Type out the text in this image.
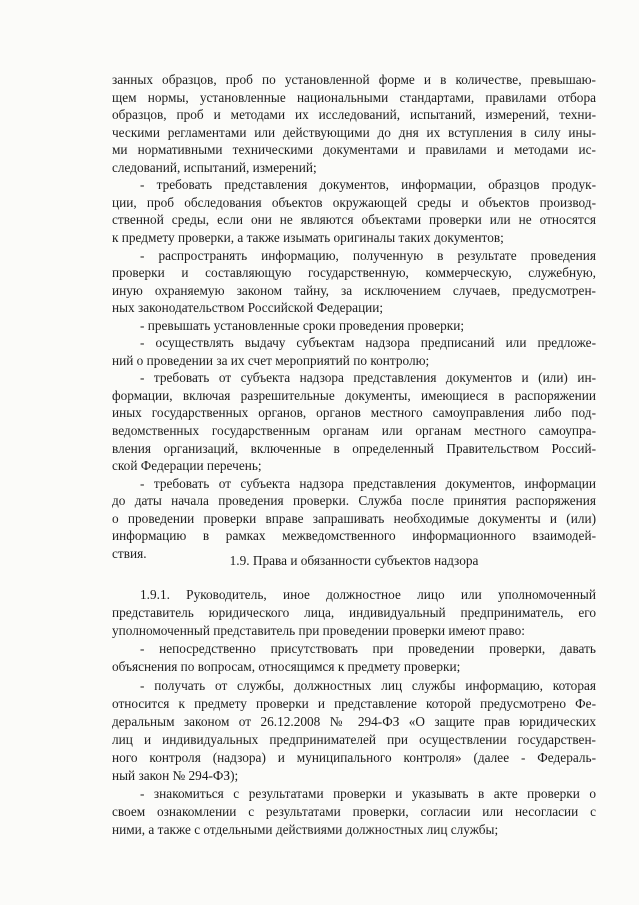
занных образцов, проб по установленной форме и в количестве, превышаю-
щем нормы, установленные национальными стандартами, правилами отбора
образцов, проб и методами их исследований, испытаний, измерений, техни-
ческими регламентами или действующими до дня их вступления в силу ины-
ми нормативными техническими документами и правилами и методами ис-
следований, испытаний, измерений;
- требовать представления документов, информации, образцов продук-
ции, проб обследования объектов окружающей среды и объектов производ-
ственной среды, если они не являются объектами проверки или не относятся
к предмету проверки, а также изымать оригиналы таких документов;
- распространять информацию, полученную в результате проведения
проверки и составляющую государственную, коммерческую, служебную,
иную охраняемую законом тайну, за исключением случаев, предусмотрен-
ных законодательством Российской Федерации;
- превышать установленные сроки проведения проверки;
- осуществлять выдачу субъектам надзора предписаний или предложе-
ний о проведении за их счет мероприятий по контролю;
- требовать от субъекта надзора представления документов и (или) ин-
формации, включая разрешительные документы, имеющиеся в распоряжении
иных государственных органов, органов местного самоуправления либо под-
ведомственных государственным органам или органам местного самоупра-
вления организаций, включенные в определенный Правительством Россий-
ской Федерации перечень;
- требовать от субъекта надзора представления документов, информации
до даты начала проведения проверки. Служба после принятия распоряжения
о проведении проверки вправе запрашивать необходимые документы и (или)
информацию в рамках межведомственного информационного взаимодей-
ствия.	1.9. Права и обязанности субъектов надзора
1.9.1. Руководитель, иное должностное лицо или уполномоченный
представитель юридического лица, индивидуальный предприниматель, его
уполномоченный представитель при проведении проверки имеют право:
- непосредственно присутствовать при проведении проверки, давать
объяснения по вопросам, относящимся к предмету проверки;
- получать от службы, должностных лиц службы информацию, которая
относится к предмету проверки и представление которой предусмотрено Фе-
деральным законом от 26.12.2008 № 294-ФЗ «О защите прав юридических
лиц и индивидуальных предпринимателей при осуществлении государствен-
ного контроля (надзора) и муниципального контроля» (далее - Федераль-
ный закон № 294-ФЗ);
- знакомиться с результатами проверки и указывать в акте проверки о
своем ознакомлении с результатами проверки, согласии или несогласии с
ними, а также с отдельными действиями должностных лиц службы;
